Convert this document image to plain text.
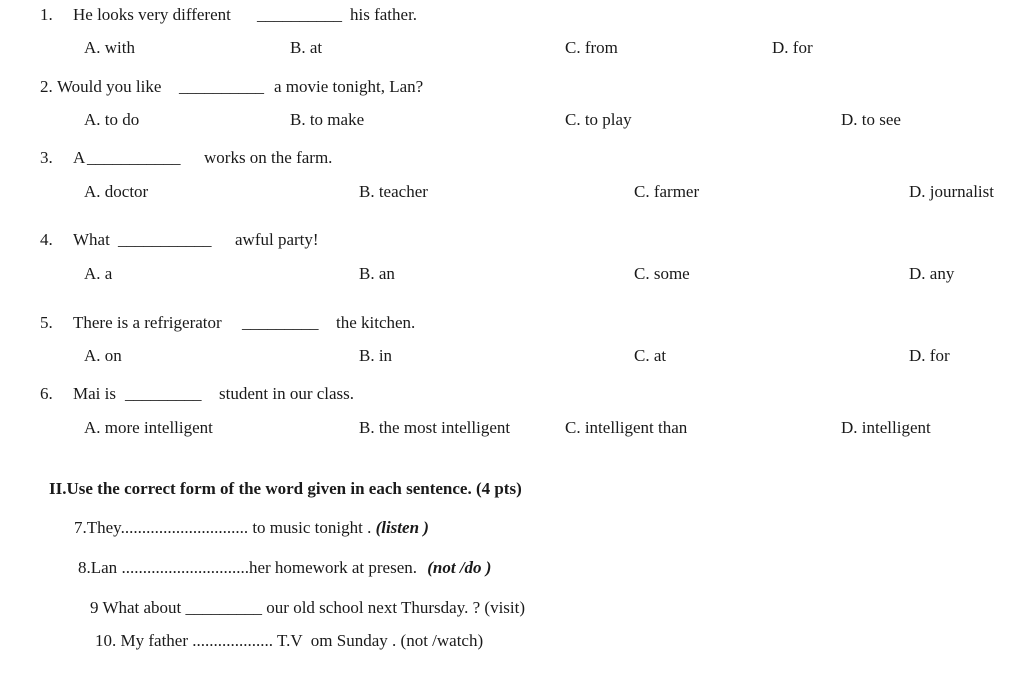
1. He looks very different __________ his father.
A. with	B. at	C. from	D. for
2. Would you like __________ a movie tonight, Lan?
A. to do	B. to make	C. to play	D. to see
3. A ___________ works on the farm.
A. doctor	B. teacher	C. farmer	D. journalist
4. What ___________ awful party!
A. a	B. an	C. some	D. any
5. There is a refrigerator _________ the kitchen.
A. on	B. in	C. at	D. for
6. Mai is _________ student in our class.
A. more intelligent	B. the most intelligent	C. intelligent than	D. intelligent
II.Use the correct form of the word given in each sentence. (4 pts)
7.They.............................. to music tonight . (listen )
8.Lan ..............................her homework at presen. (not /do )
9 What about _________ our old school next Thursday. ? (visit)
10. My father ................... T.V  om Sunday . (not /watch)
